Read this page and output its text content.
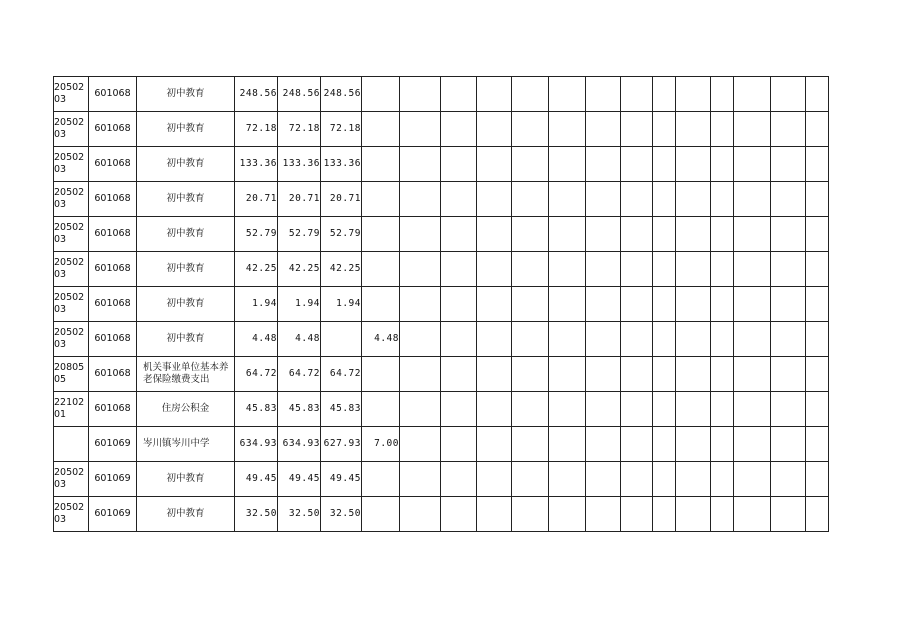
2050203	601068	初中教育	248.56	248.56	248.56														
2050203	601068	初中教育	72.18	72.18	72.18														
2050203	601068	初中教育	133.36	133.36	133.36														
2050203	601068	初中教育	20.71	20.71	20.71														
2050203	601068	初中教育	52.79	52.79	52.79														
2050203	601068	初中教育	42.25	42.25	42.25														
2050203	601068	初中教育	1.94	1.94	1.94														
2050203	601068	初中教育	4.48	4.48		4.48													
2080505	601068	机关事业单位基本养老保险缴费支出	64.72	64.72	64.72														
2210201	601068	住房公积金	45.83	45.83	45.83														
	601069	岑川镇岑川中学	634.93	634.93	627.93	7.00													
2050203	601069	初中教育	49.45	49.45	49.45														
2050203	601069	初中教育	32.50	32.50	32.50														
